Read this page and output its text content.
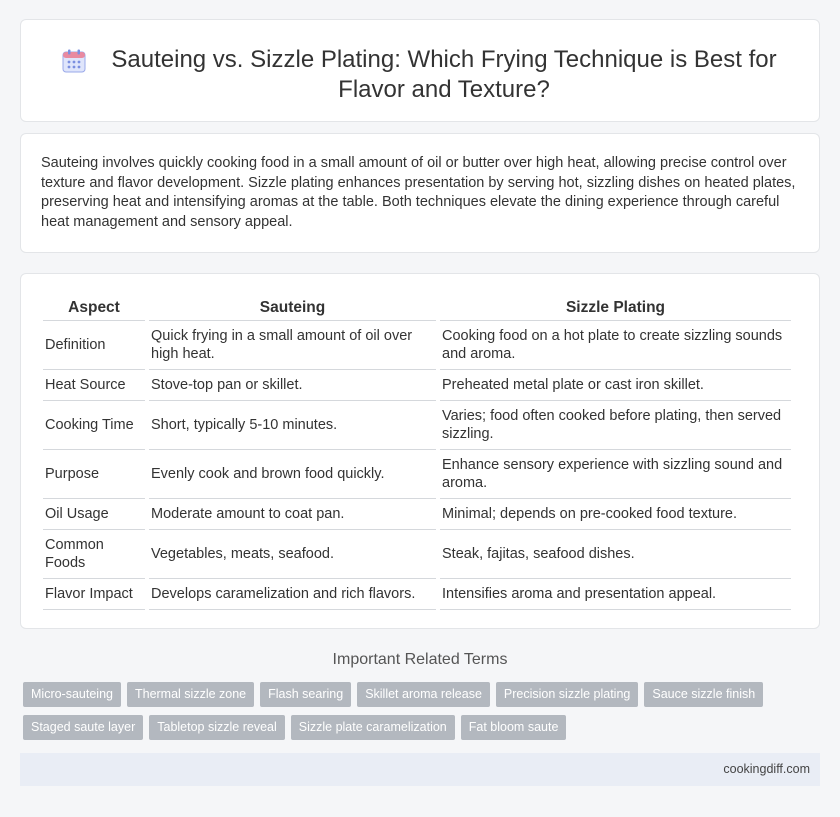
Sauteing vs. Sizzle Plating: Which Frying Technique is Best for Flavor and Texture?

Sauteing involves quickly cooking food in a small amount of oil or butter over high heat, allowing precise control over texture and flavor development. Sizzle plating enhances presentation by serving hot, sizzling dishes on heated plates, preserving heat and intensifying aromas at the table. Both techniques elevate the dining experience through careful heat management and sensory appeal.

Aspect	Sauteing	Sizzle Plating
Definition	Quick frying in a small amount of oil over high heat.	Cooking food on a hot plate to create sizzling sounds and aroma.
Heat Source	Stove-top pan or skillet.	Preheated metal plate or cast iron skillet.
Cooking Time	Short, typically 5-10 minutes.	Varies; food often cooked before plating, then served sizzling.
Purpose	Evenly cook and brown food quickly.	Enhance sensory experience with sizzling sound and aroma.
Oil Usage	Moderate amount to coat pan.	Minimal; depends on pre-cooked food texture.
Common Foods	Vegetables, meats, seafood.	Steak, fajitas, seafood dishes.
Flavor Impact	Develops caramelization and rich flavors.	Intensifies aroma and presentation appeal.
Important Related Terms
Micro-sauteing	Thermal sizzle zone	Flash searing	Skillet aroma release	Precision sizzle plating	Sauce sizzle finish
Staged saute layer	Tabletop sizzle reveal	Sizzle plate caramelization	Fat bloom saute
cookingdiff.com
